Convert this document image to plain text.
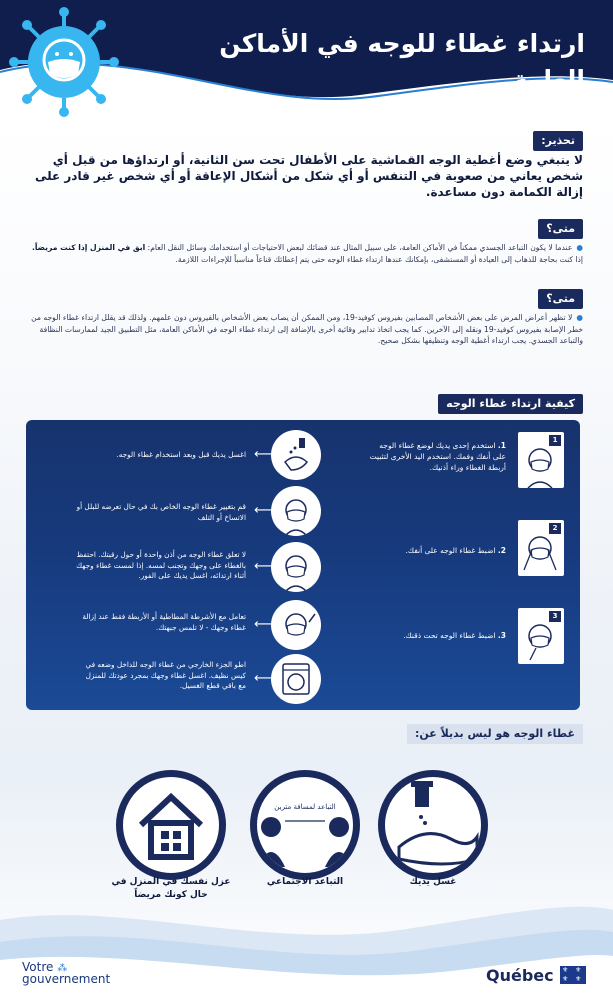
ارتداء غطاء للوجه في الأماكن العامة
تحذير:
لا ينبغي وضع أغطية الوجه القماشية على الأطفال تحت سن الثانية، أو ارتداؤها من قبل أي شخص يعاني من صعوبة في التنفس أو أي شكل من أشكال الإعاقة أو أي شخص غير قادر على إزالة الكمامة دون مساعدة.
متى؟
●عندما لا يكون التباعد الجسدي ممكناً في الأماكن العامة، على سبيل المثال عند قضائك لبعض الاحتياجات أو استخدامك وسائل النقل العام: ابق في المنزل إذا كنت مريضاً. إذا كنت بحاجة للذهاب إلى العيادة أو المستشفى، بإمكانك عندها ارتداء غطاء الوجه حتى يتم إعطائك قناعاً مناسباً للإجراءات اللازمة.
متى؟
●لا تظهر أعراض المرض على بعض الأشخاص المصابين بفيروس كوفيد-19، ومن الممكن أن يصاب بعض الأشخاص بالفيروس دون علمهم. ولذلك قد يقلل ارتداء غطاء الوجه من خطر الإصابة بفيروس كوفيد-19 ونقله إلى الآخرين. كما يجب اتخاذ تدابير وقائية أخرى بالإضافة إلى ارتداء غطاء الوجه في الأماكن العامة، مثل التطبيق الجيد لممارسات النظافة والتباعد الجسدي. يجب ارتداء أغطية الوجه وتنظيفها بشكل صحيح.
كيفية ارتداء غطاء الوجه
1
1. استخدم إحدى يديك لوضع غطاء الوجه على أنفك وفمك. استخدم اليد الأخرى لتثبيت أربطة الغطاء وراء أذنيك.
2
2. اضبط غطاء الوجه على أنفك.
3
3. اضبط غطاء الوجه تحت ذقنك.
⟵
اغسل يديك قبل وبعد استخدام غطاء الوجه.
⟵
قم بتغيير غطاء الوجه الخاص بك في حال تعرضه للبلل أو الاتساخ أو التلف
⟵
لا تعلق غطاء الوجه من أذن واحدة أو حول رقبتك. احتفظ بالغطاء على وجهك وتجنب لمسه. إذا لمست غطاء وجهك أثناء ارتدائه، اغسل يديك على الفور.
⟵
تعامل مع الأشرطة المطاطية أو الأربطة فقط عند إزالة غطاء وجهك - لا تلمس جبهتك.
⟵
اطو الجزء الخارجي من غطاء الوجه للداخل وضعه في كيس نظيف. اغسل غطاء وجهك بمجرد عودتك للمنزل مع باقي قطع الغسيل.
غطاء الوجه هو ليس بديلاً عن:
عزل نفسك في المنزل في حال كونك مريضاً
التباعد لمسافة مترين
التباعد الاجتماعي	غسل يديك
Votre ⁂
gouvernement	Québec ⚜ ⚜
⚜ ⚜
